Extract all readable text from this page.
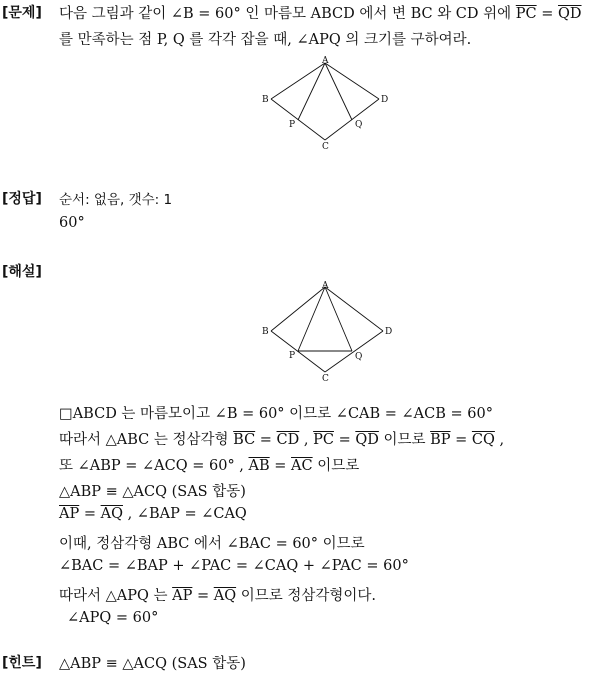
[문제] 다음 그림과 같이 ∠B = 60° 인 마름모 ABCD 에서 변 BC 와 CD 위에 $\overline{PC} = \overline{QD}$
를 만족하는 점 P, Q 를 각각 잡을 때, ∠APQ 의 크기를 구하여라.
A
B	D
C
P	Q
[정답] 순서: 없음, 갯수: 1
60°
[해설]
A
B	D
C
P	Q
□ABCD 는 마름모이고 ∠B = 60° 이므로 ∠CAB = ∠ACB = 60°
따라서 △ABC 는 정삼각형 $\overline{BC} = \overline{CD}$ , $\overline{PC} = \overline{QD}$ 이므로 $\overline{BP} = \overline{CQ}$ ,
또 ∠ABP = ∠ACQ = 60° , $\overline{AB} = \overline{AC}$ 이므로
△ABP ≡ △ACQ (SAS 합동)
$\overline{AP} = \overline{AQ}$ , ∠BAP = ∠CAQ
이때, 정삼각형 ABC 에서 ∠BAC = 60° 이므로
∠BAC = ∠BAP + ∠PAC = ∠CAQ + ∠PAC = 60°
따라서 △APQ 는 $\overline{AP} = \overline{AQ}$ 이므로 정삼각형이다.
∠APQ = 60°
[힌트] △ABP ≡ △ACQ (SAS 합동)
